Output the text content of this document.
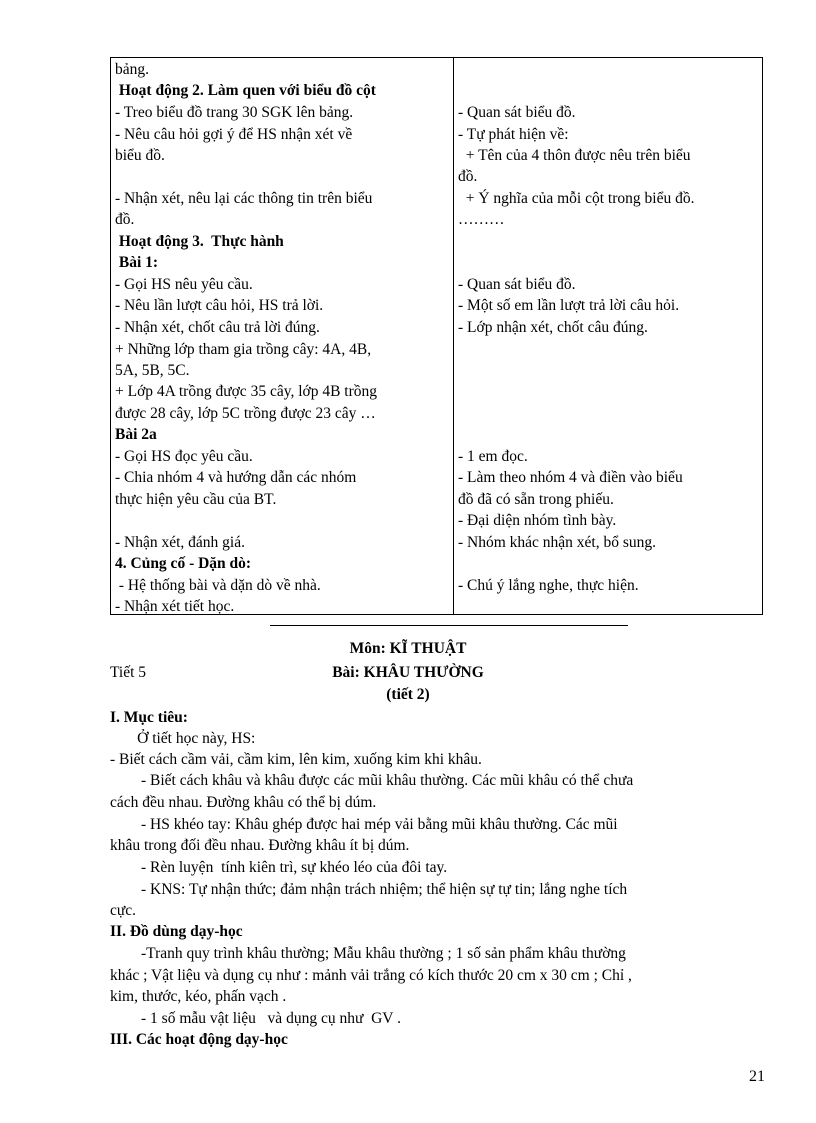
bảng.
Hoạt động 2. Làm quen với biểu đồ cột
- Treo biểu đồ trang 30 SGK lên bảng.
- Nêu câu hỏi gợi ý để HS nhận xét về
biểu đồ.
- Nhận xét, nêu lại các thông tin trên biểu
đồ.
Hoạt động 3.  Thực hành
Bài 1:
- Gọi HS nêu yêu cầu.
- Nêu lần lượt câu hỏi, HS trả lời.
- Nhận xét, chốt câu trả lời đúng.
+ Những lớp tham gia trồng cây: 4A, 4B,
5A, 5B, 5C.
+ Lớp 4A trồng được 35 cây, lớp 4B trồng
được 28 cây, lớp 5C trồng được 23 cây …
Bài 2a
- Gọi HS đọc yêu cầu.
- Chia nhóm 4 và hướng dẫn các nhóm
thực hiện yêu cầu của BT.
- Nhận xét, đánh giá.
4. Củng cố - Dặn dò:
- Hệ thống bài và dặn dò về nhà.
- Nhận xét tiết học.
- Quan sát biểu đồ.
- Tự phát hiện về:
+ Tên của 4 thôn được nêu trên biểu
đồ.
+ Ý nghĩa của mỗi cột trong biểu đồ.
………
- Quan sát biểu đồ.
- Một số em lần lượt trả lời câu hỏi.
- Lớp nhận xét, chốt câu đúng.
- 1 em đọc.
- Làm theo nhóm 4 và điền vào biểu
đồ đã có sẵn trong phiếu.
- Đại diện nhóm tình bày.
- Nhóm khác nhận xét, bổ sung.
- Chú ý lắng nghe, thực hiện.
Môn: KĨ THUẬT
Tiết 5	Bài: KHÂU THƯỜNG
(tiết 2)
I. Mục tiêu:
Ở tiết học này, HS:
- Biết cách cầm vải, cầm kim, lên kim, xuống kim khi khâu.
- Biết cách khâu và khâu được các mũi khâu thường. Các mũi khâu có thể chưa
cách đều nhau. Đường khâu có thể bị dúm.
- HS khéo tay: Khâu ghép được hai mép vải bằng mũi khâu thường. Các mũi
khâu trong đối đều nhau. Đường khâu ít bị dúm.
- Rèn luyện  tính kiên trì, sự khéo léo của đôi tay.
- KNS: Tự nhận thức; đảm nhận trách nhiệm; thể hiện sự tự tin; lắng nghe tích
cực.
II. Đồ dùng dạy-học
-Tranh quy trình khâu thường; Mẫu khâu thường ; 1 số sản phẩm khâu thường
khác ; Vật liệu và dụng cụ như : mảnh vải trắng có kích thước 20 cm x 30 cm ; Chỉ ,
kim, thước, kéo, phấn vạch .
- 1 số mẫu vật liệu   và dụng cụ như  GV .
III. Các hoạt động dạy-học
21
